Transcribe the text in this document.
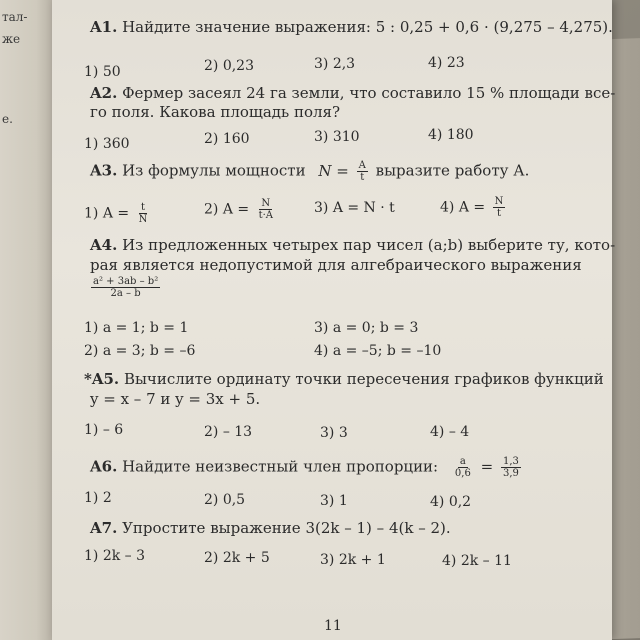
тал-
же
е.
A1. Найдите значение выражения: 5 : 0,25 + 0,6 · (9,275 – 4,275).
1) 50	2) 0,23	3) 2,3	4) 23
A2. Фермер засеял 24 га земли, что составило 15 % площади все-
го поля. Какова площадь поля?
1) 360	2) 160	3) 310	4) 180
A3. Из формулы мощности $N = \frac{A}{t}$ выразите работу А.
1) $A = \frac{t}{N}$	2) $A = \frac{N}{t\cdot A}$	3) A = N · t	4) $A = \frac{N}{t}$
A4. Из предложенных четырех пар чисел (a;b) выберите ту, кото-
рая является недопустимой для алгебраического выражения
$\frac{\text{a² + 3ab – b²}}{2a - b}$
1) a = 1; b = 1	3) a = 0; b = 3
2) a = 3; b = –6	4) a = –5; b = –10
*A5. Вычислите ординату точки пересечения графиков функций
y = x – 7 и y = 3x + 5.
1) – 6	2) – 13	3) 3	4) – 4
A6. Найдите неизвестный член пропорции: $\frac{a}{0,6} = \frac{1,3}{3,9}$
1) 2	2) 0,5	3) 1	4) 0,2
A7. Упростите выражение 3(2k – 1) – 4(k – 2).
1) 2k – 3	2) 2k + 5	3) 2k + 1	4) 2k – 11
11
